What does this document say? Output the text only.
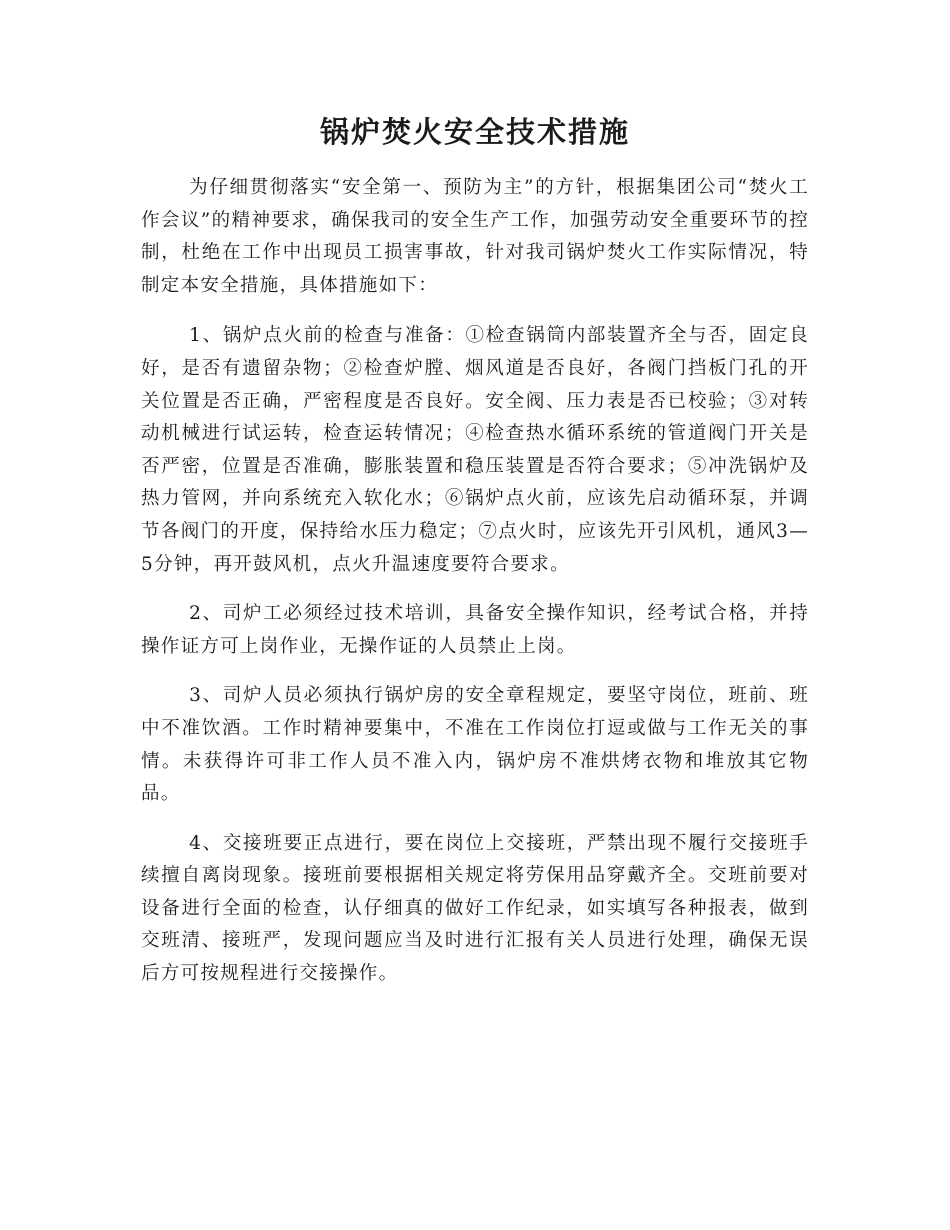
锅炉焚火安全技术措施

为仔细贯彻落实“安全第一、预防为主”的方针，根据集团公司“焚火工作会议”的精神要求，确保我司的安全生产工作，加强劳动安全重要环节的控制，杜绝在工作中出现员工损害事故，针对我司锅炉焚火工作实际情况，特制定本安全措施，具体措施如下：

1、锅炉点火前的检查与准备：①检查锅筒内部装置齐全与否，固定良好，是否有遗留杂物；②检查炉膛、烟风道是否良好，各阀门挡板门孔的开关位置是否正确，严密程度是否良好。安全阀、压力表是否已校验；③对转动机械进行试运转，检查运转情况；④检查热水循环系统的管道阀门开关是否严密，位置是否准确，膨胀装置和稳压装置是否符合要求；⑤冲洗锅炉及热力管网，并向系统充入软化水；⑥锅炉点火前，应该先启动循环泵，并调节各阀门的开度，保持给水压力稳定；⑦点火时，应该先开引风机，通风3—5分钟，再开鼓风机，点火升温速度要符合要求。

2、司炉工必须经过技术培训，具备安全操作知识，经考试合格，并持操作证方可上岗作业，无操作证的人员禁止上岗。

3、司炉人员必须执行锅炉房的安全章程规定，要坚守岗位，班前、班中不准饮酒。工作时精神要集中，不准在工作岗位打逗或做与工作无关的事情。未获得许可非工作人员不准入内，锅炉房不准烘烤衣物和堆放其它物品。

4、交接班要正点进行，要在岗位上交接班，严禁出现不履行交接班手续擅自离岗现象。接班前要根据相关规定将劳保用品穿戴齐全。交班前要对设备进行全面的检查，认仔细真的做好工作纪录，如实填写各种报表，做到交班清、接班严，发现问题应当及时进行汇报有关人员进行处理，确保无误后方可按规程进行交接操作。
